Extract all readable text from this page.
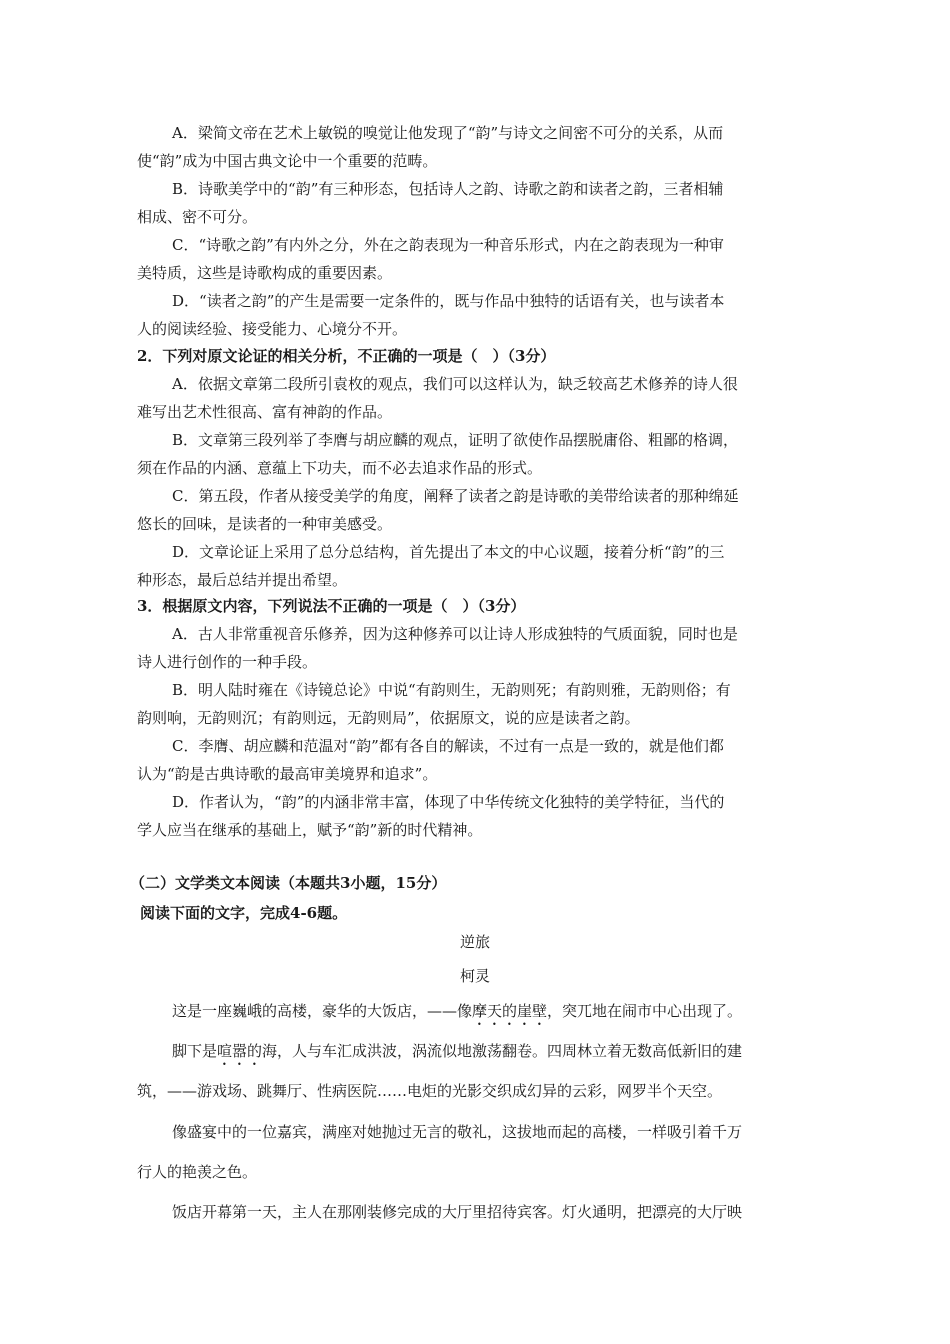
A．梁简文帝在艺术上敏锐的嗅觉让他发现了“韵”与诗文之间密不可分的关系，从而
使“韵”成为中国古典文论中一个重要的范畴。
B．诗歌美学中的“韵”有三种形态，包括诗人之韵、诗歌之韵和读者之韵，三者相辅
相成、密不可分。
C．“诗歌之韵”有内外之分，外在之韵表现为一种音乐形式，内在之韵表现为一种审
美特质，这些是诗歌构成的重要因素。
D．“读者之韵”的产生是需要一定条件的，既与作品中独特的话语有关，也与读者本
人的阅读经验、接受能力、心境分不开。
2．下列对原文论证的相关分析，不正确的一项是（　）（3分）
A．依据文章第二段所引袁枚的观点，我们可以这样认为，缺乏较高艺术修养的诗人很
难写出艺术性很高、富有神韵的作品。
B．文章第三段列举了李膺与胡应麟的观点，证明了欲使作品摆脱庸俗、粗鄙的格调，
须在作品的内涵、意蕴上下功夫，而不必去追求作品的形式。
C．第五段，作者从接受美学的角度，阐释了读者之韵是诗歌的美带给读者的那种绵延
悠长的回味，是读者的一种审美感受。
D．文章论证上采用了总分总结构，首先提出了本文的中心议题，接着分析“韵”的三
种形态，最后总结并提出希望。
3．根据原文内容，下列说法不正确的一项是（　）（3分）
A．古人非常重视音乐修养，因为这种修养可以让诗人形成独特的气质面貌，同时也是
诗人进行创作的一种手段。
B．明人陆时雍在《诗镜总论》中说“有韵则生，无韵则死；有韵则雅，无韵则俗；有
韵则响，无韵则沉；有韵则远，无韵则局”，依据原文，说的应是读者之韵。
C．李膺、胡应麟和范温对“韵”都有各自的解读，不过有一点是一致的，就是他们都
认为“韵是古典诗歌的最高审美境界和追求”。
D．作者认为，“韵”的内涵非常丰富，体现了中华传统文化独特的美学特征，当代的
学人应当在继承的基础上，赋予“韵”新的时代精神。
（二）文学类文本阅读（本题共3小题，15分）
阅读下面的文字，完成4-6题。
逆旅
柯灵
这是一座巍峨的高楼，豪华的大饭店，——像摩天的崖壁，突兀地在闹市中心出现了。
脚下是喧嚣的海，人与车汇成洪波，涡流似地激荡翻卷。四周林立着无数高低新旧的建
筑，——游戏场、跳舞厅、性病医院……电炬的光影交织成幻异的云彩，网罗半个天空。
像盛宴中的一位嘉宾，满座对她抛过无言的敬礼，这拔地而起的高楼，一样吸引着千万
行人的艳羡之色。
饭店开幕第一天，主人在那刚装修完成的大厅里招待宾客。灯火通明，把漂亮的大厅映
